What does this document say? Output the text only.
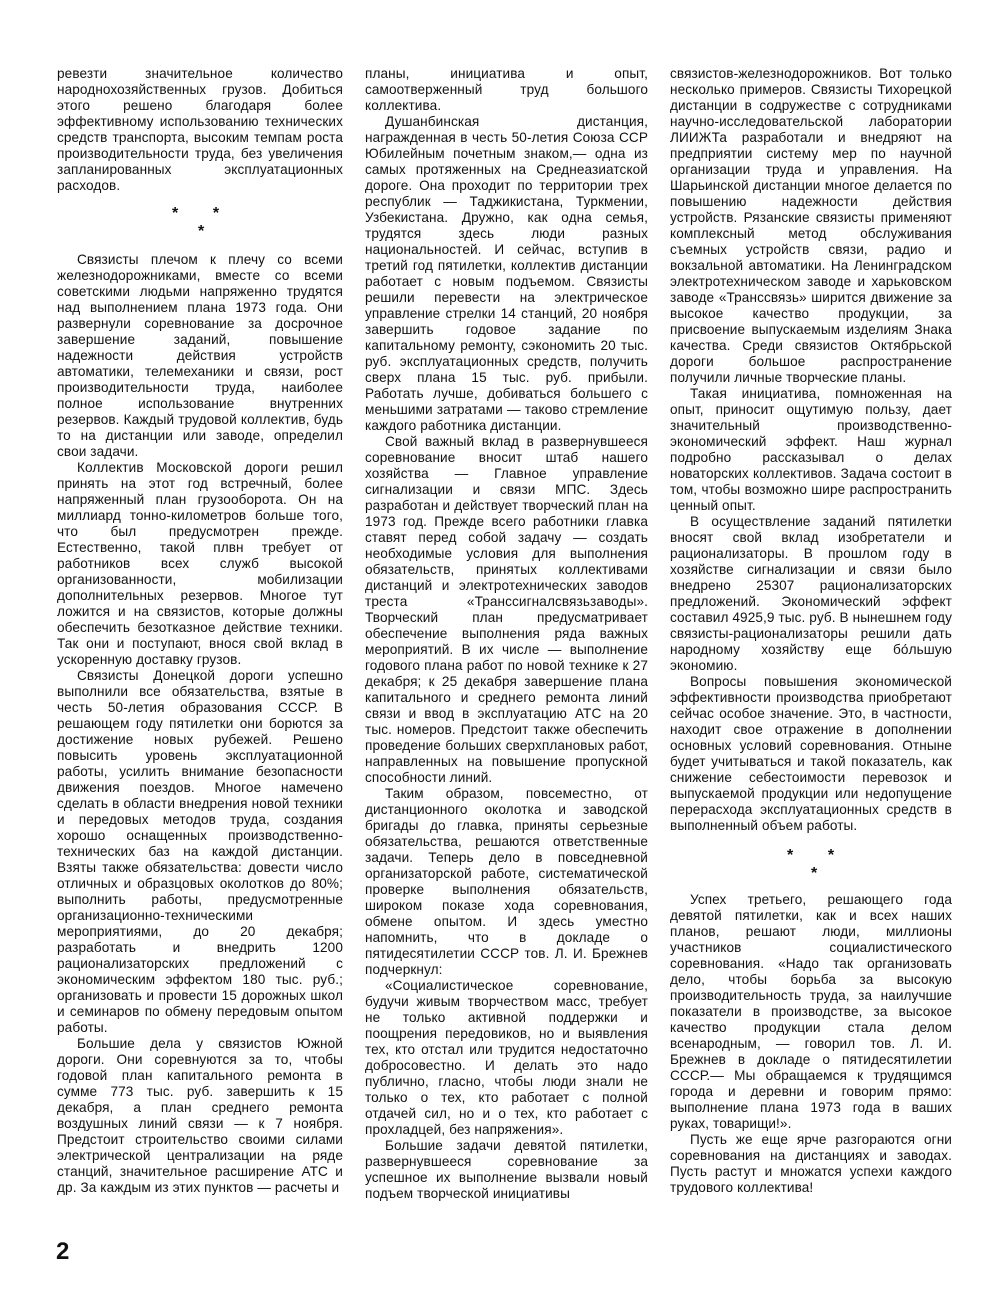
ревезти значительное количество народнохозяйственных грузов. Добиться этого решено благодаря более эффективному использованию технических средств транспорта, высоким темпам роста производительности труда, без увеличения запланированных эксплуатационных расходов.

* *
*

Связисты плечом к плечу со всеми железнодорожниками, вместе со всеми советскими людьми напряженно трудятся над выполнением плана 1973 года. Они развернули соревнование за досрочное завершение заданий, повышение надежности действия устройств автоматики, телемеханики и связи, рост производительности труда, наиболее полное использование внутренних резервов. Каждый трудовой коллектив, будь то на дистанции или заводе, определил свои задачи.

Коллектив Московской дороги решил принять на этот год встречный, более напряженный план грузооборота. Он на миллиард тонно-километров больше того, что был предусмотрен прежде. Естественно, такой плвн требует от работников всех служб высокой организованности, мобилизации дополнительных резервов. Многое тут ложится и на связистов, которые должны обеспечить безотказное действие техники. Так они и поступают, внося свой вклад в ускоренную доставку грузов.

Связисты Донецкой дороги успешно выполнили все обязательства, взятые в честь 50-летия образования СССР. В решающем году пятилетки они борются за достижение новых рубежей. Решено повысить уровень эксплуатационной работы, усилить внимание безопасности движения поездов. Многое намечено сделать в области внедрения новой техники и передовых методов труда, создания хорошо оснащенных производственно-технических баз на каждой дистанции. Взяты также обязательства: довести число отличных и образцовых околотков до 80%; выполнить работы, предусмотренные организационно-техническими мероприятиями, до 20 декабря; разработать и внедрить 1200 рационализаторских предложений с экономическим эффектом 180 тыс. руб.; организовать и провести 15 дорожных школ и семинаров по обмену передовым опытом работы.

Большие дела у связистов Южной дороги. Они соревнуются за то, чтобы годовой план капитального ремонта в сумме 773 тыс. руб. завершить к 15 декабря, а план среднего ремонта воздушных линий связи — к 7 ноября. Предстоит строительство своими силами электрической централизации на ряде станций, значительное расширение АТС и др. За каждым из этих пунктов — расчеты и

планы, инициатива и опыт, самоотверженный труд большого коллектива.

Душанбинская дистанция, награжденная в честь 50-летия Союза ССР Юбилейным почетным знаком,— одна из самых протяженных на Среднеазиатской дороге. Она проходит по территории трех республик — Таджикистана, Туркмении, Узбекистана. Дружно, как одна семья, трудятся здесь люди разных национальностей. И сейчас, вступив в третий год пятилетки, коллектив дистанции работает с новым подъемом. Связисты решили перевести на электрическое управление стрелки 14 станций, 20 ноября завершить годовое задание по капитальному ремонту, сэкономить 20 тыс. руб. эксплуатационных средств, получить сверх плана 15 тыс. руб. прибыли. Работать лучше, добиваться большего с меньшими затратами — таково стремление каждого работника дистанции.

Свой важный вклад в развернувшееся соревнование вносит штаб нашего хозяйства — Главное управление сигнализации и связи МПС. Здесь разработан и действует творческий план на 1973 год. Прежде всего работники главка ставят перед собой задачу — создать необходимые условия для выполнения обязательств, принятых коллективами дистанций и электротехнических заводов треста «Транссигналсвязьзаводы». Творческий план предусматривает обеспечение выполнения ряда важных мероприятий. В их числе — выполнение годового плана работ по новой технике к 27 декабря; к 25 декабря завершение плана капитального и среднего ремонта линий связи и ввод в эксплуатацию АТС на 20 тыс. номеров. Предстоит также обеспечить проведение больших сверхплановых работ, направленных на повышение пропускной способности линий.

Таким образом, повсеместно, от дистанционного околотка и заводской бригады до главка, приняты серьезные обязательства, решаются ответственные задачи. Теперь дело в повседневной организаторской работе, систематической проверке выполнения обязательств, широком показе хода соревнования, обмене опытом. И здесь уместно напомнить, что в докладе о пятидесятилетии СССР тов. Л. И. Брежнев подчеркнул:

«Социалистическое соревнование, будучи живым творчеством масс, требует не только активной поддержки и поощрения передовиков, но и выявления тех, кто отстал или трудится недостаточно добросовестно. И делать это надо публично, гласно, чтобы люди знали не только о тех, кто работает с полной отдачей сил, но и о тех, кто работает с прохладцей, без напряжения».

Большие задачи девятой пятилетки, развернувшееся соревнование за успешное их выполнение вызвали новый подъем творческой инициативы

связистов-железнодорожников. Вот только несколько примеров. Связисты Тихорецкой дистанции в содружестве с сотрудниками научно-исследовательской лаборатории ЛИИЖТа разработали и внедряют на предприятии систему мер по научной организации труда и управления. На Шарьинской дистанции многое делается по повышению надежности действия устройств. Рязанские связисты применяют комплексный метод обслуживания съемных устройств связи, радио и вокзальной автоматики. На Ленинградском электротехническом заводе и харьковском заводе «Транссвязь» ширится движение за высокое качество продукции, за присвоение выпускаемым изделиям Знака качества. Среди связистов Октябрьской дороги большое распространение получили личные творческие планы.

Такая инициатива, помноженная на опыт, приносит ощутимую пользу, дает значительный производственно-экономический эффект. Наш журнал подробно рассказывал о делах новаторских коллективов. Задача состоит в том, чтобы возможно шире распространить ценный опыт.

В осуществление заданий пятилетки вносят свой вклад изобретатели и рационализаторы. В прошлом году в хозяйстве сигнализации и связи было внедрено 25307 рационализаторских предложений. Экономический эффект составил 4925,9 тыс. руб. В нынешнем году связисты-рационализаторы решили дать народному хозяйству еще бо́льшую экономию.

Вопросы повышения экономической эффективности производства приобретают сейчас особое значение. Это, в частности, находит свое отражение в дополнении основных условий соревнования. Отныне будет учитываться и такой показатель, как снижение себестоимости перевозок и выпускаемой продукции или недопущение перерасхода эксплуатационных средств в выполненный объем работы.

* *
*

Успех третьего, решающего года девятой пятилетки, как и всех наших планов, решают люди, миллионы участников социалистического соревнования. «Надо так организовать дело, чтобы борьба за высокую производительность труда, за наилучшие показатели в производстве, за высокое качество продукции стала делом всенародным, — говорил тов. Л. И. Брежнев в докладе о пятидесятилетии СССР.— Мы обращаемся к трудящимся города и деревни и говорим прямо: выполнение плана 1973 года в ваших руках, товарищи!».

Пусть же еще ярче разгораются огни соревнования на дистанциях и заводах. Пусть растут и множатся успехи каждого трудового коллектива!

2
